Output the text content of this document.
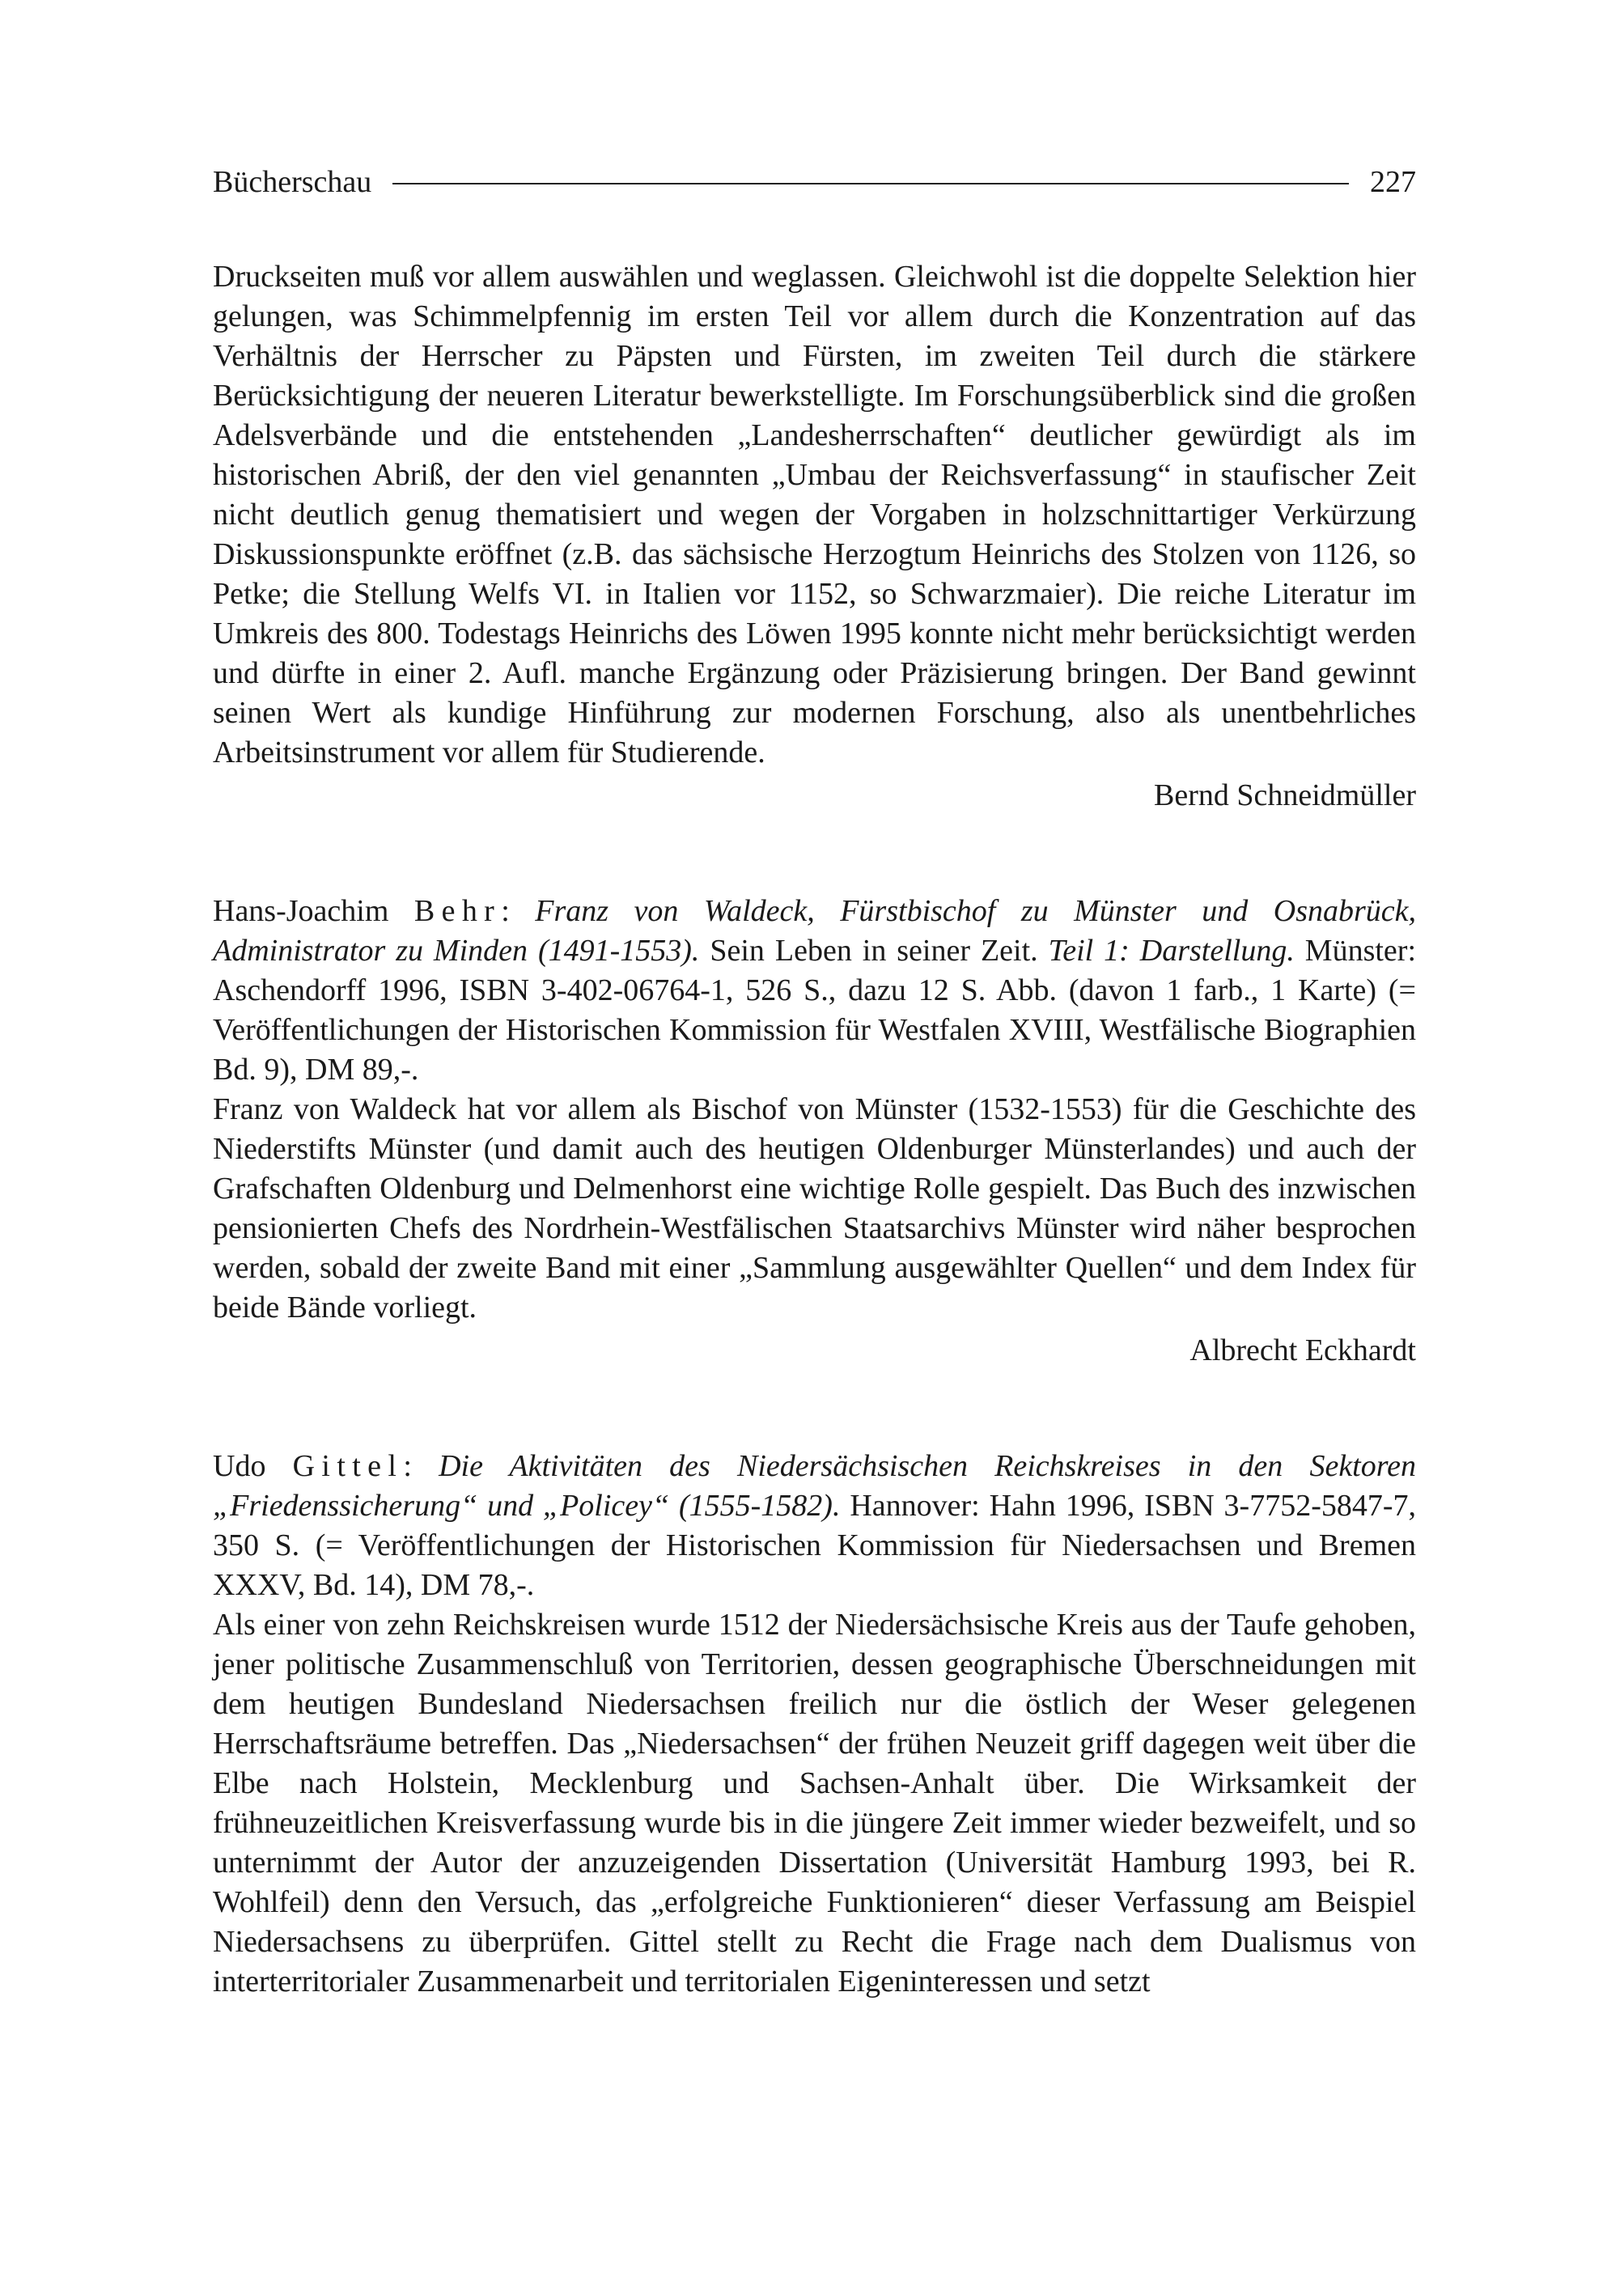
Bücherschau	227

Druckseiten muß vor allem auswählen und weglassen. Gleichwohl ist die doppelte Selektion hier gelungen, was Schimmelpfennig im ersten Teil vor allem durch die Konzentration auf das Verhältnis der Herrscher zu Päpsten und Fürsten, im zweiten Teil durch die stärkere Berücksichtigung der neueren Literatur bewerkstelligte. Im Forschungsüberblick sind die großen Adelsverbände und die entstehenden „Landesherrschaften“ deutlicher gewürdigt als im historischen Abriß, der den viel genannten „Umbau der Reichsverfassung“ in staufischer Zeit nicht deutlich genug thematisiert und wegen der Vorgaben in holzschnittartiger Verkürzung Diskussionspunkte eröffnet (z.B. das sächsische Herzogtum Heinrichs des Stolzen von 1126, so Petke; die Stellung Welfs VI. in Italien vor 1152, so Schwarzmaier). Die reiche Literatur im Umkreis des 800. Todestags Heinrichs des Löwen 1995 konnte nicht mehr berücksichtigt werden und dürfte in einer 2. Aufl. manche Ergänzung oder Präzisierung bringen. Der Band gewinnt seinen Wert als kundige Hinführung zur modernen Forschung, also als unentbehrliches Arbeitsinstrument vor allem für Studierende.

Bernd Schneidmüller

Hans-Joachim Behr: Franz von Waldeck, Fürstbischof zu Münster und Osnabrück, Administrator zu Minden (1491-1553). Sein Leben in seiner Zeit. Teil 1: Darstellung. Münster: Aschendorff 1996, ISBN 3-402-06764-1, 526 S., dazu 12 S. Abb. (davon 1 farb., 1 Karte) (= Veröffentlichungen der Historischen Kommission für Westfalen XVIII, Westfälische Biographien Bd. 9), DM 89,-.

Franz von Waldeck hat vor allem als Bischof von Münster (1532-1553) für die Geschichte des Niederstifts Münster (und damit auch des heutigen Oldenburger Münsterlandes) und auch der Grafschaften Oldenburg und Delmenhorst eine wichtige Rolle gespielt. Das Buch des inzwischen pensionierten Chefs des Nordrhein-Westfälischen Staatsarchivs Münster wird näher besprochen werden, sobald der zweite Band mit einer „Sammlung ausgewählter Quellen“ und dem Index für beide Bände vorliegt.

Albrecht Eckhardt

Udo Gittel: Die Aktivitäten des Niedersächsischen Reichskreises in den Sektoren „Friedenssicherung“ und „Policey“ (1555-1582). Hannover: Hahn 1996, ISBN 3-7752-5847-7, 350 S. (= Veröffentlichungen der Historischen Kommission für Niedersachsen und Bremen XXXV, Bd. 14), DM 78,-.

Als einer von zehn Reichskreisen wurde 1512 der Niedersächsische Kreis aus der Taufe gehoben, jener politische Zusammenschluß von Territorien, dessen geographische Überschneidungen mit dem heutigen Bundesland Niedersachsen freilich nur die östlich der Weser gelegenen Herrschaftsräume betreffen. Das „Niedersachsen“ der frühen Neuzeit griff dagegen weit über die Elbe nach Holstein, Mecklenburg und Sachsen-Anhalt über. Die Wirksamkeit der frühneuzeitlichen Kreisverfassung wurde bis in die jüngere Zeit immer wieder bezweifelt, und so unternimmt der Autor der anzuzeigenden Dissertation (Universität Hamburg 1993, bei R. Wohlfeil) denn den Versuch, das „erfolgreiche Funktionieren“ dieser Verfassung am Beispiel Niedersachsens zu überprüfen. Gittel stellt zu Recht die Frage nach dem Dualismus von interterritorialer Zusammenarbeit und territorialen Eigeninteressen und setzt
